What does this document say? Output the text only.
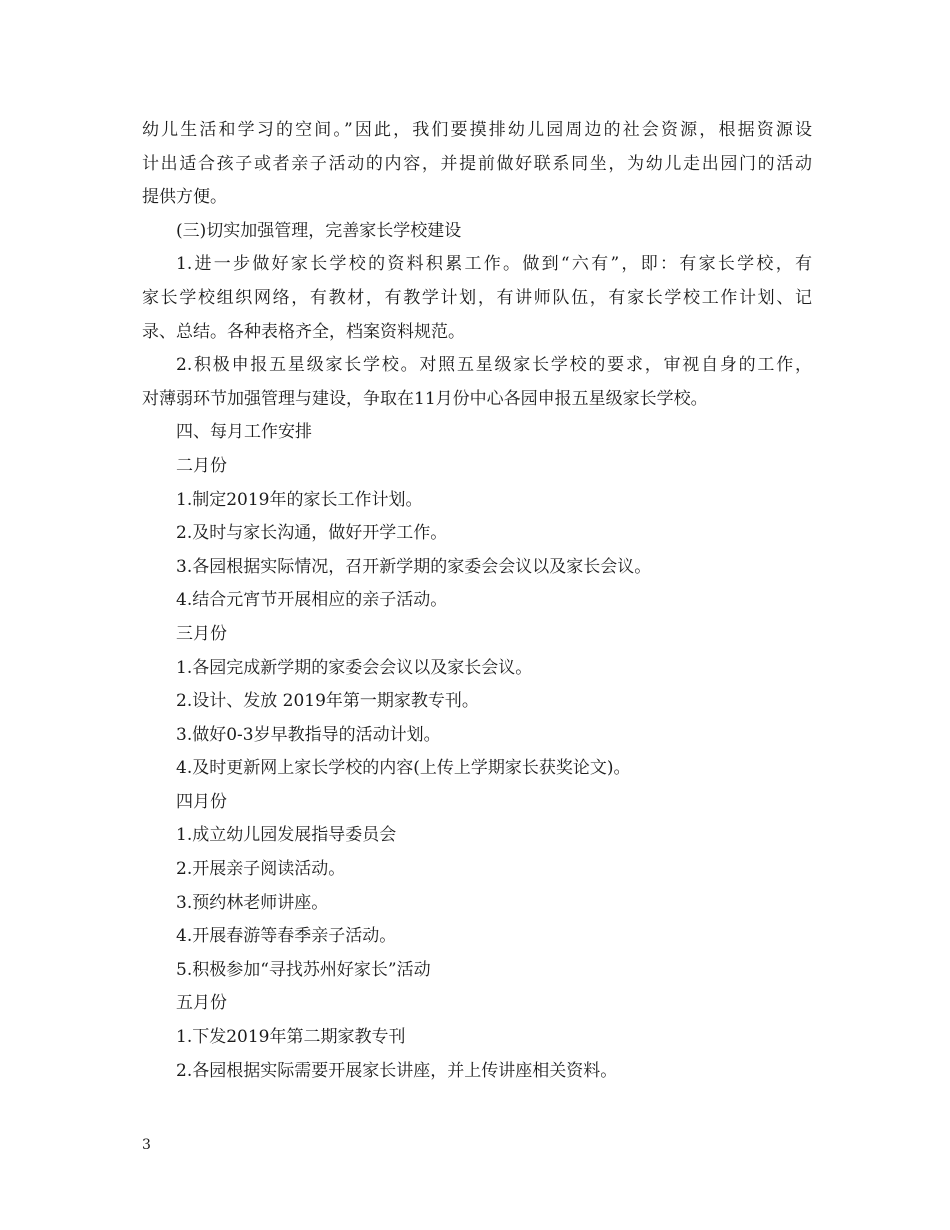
幼儿生活和学习的空间。”因此，我们要摸排幼儿园周边的社会资源，根据资源设
计出适合孩子或者亲子活动的内容，并提前做好联系同坐，为幼儿走出园门的活动
提供方便。
(三)切实加强管理，完善家长学校建设
1.进一步做好家长学校的资料积累工作。做到“六有”，即：有家长学校，有
家长学校组织网络，有教材，有教学计划，有讲师队伍，有家长学校工作计划、记
录、总结。各种表格齐全，档案资料规范。
2.积极申报五星级家长学校。对照五星级家长学校的要求，审视自身的工作，
对薄弱环节加强管理与建设，争取在11月份中心各园申报五星级家长学校。
四、每月工作安排
二月份
1.制定2019年的家长工作计划。
2.及时与家长沟通，做好开学工作。
3.各园根据实际情况，召开新学期的家委会会议以及家长会议。
4.结合元宵节开展相应的亲子活动。
三月份
1.各园完成新学期的家委会会议以及家长会议。
2.设计、发放 2019年第一期家教专刊。
3.做好0-3岁早教指导的活动计划。
4.及时更新网上家长学校的内容(上传上学期家长获奖论文)。
四月份
1.成立幼儿园发展指导委员会
2.开展亲子阅读活动。
3.预约林老师讲座。
4.开展春游等春季亲子活动。
5.积极参加“寻找苏州好家长”活动
五月份
1.下发2019年第二期家教专刊
2.各园根据实际需要开展家长讲座，并上传讲座相关资料。
3
